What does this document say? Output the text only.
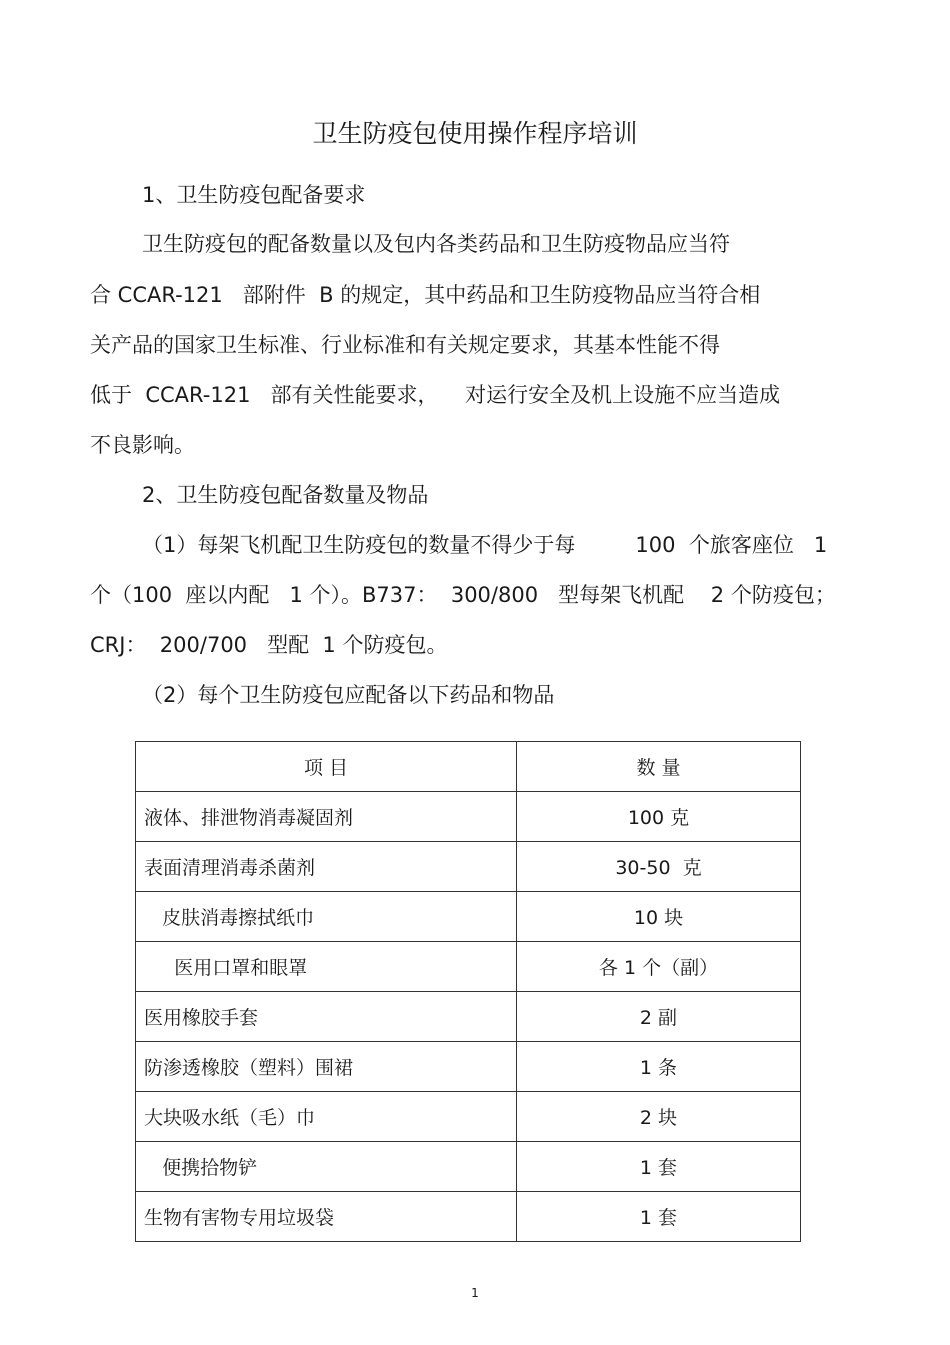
卫生防疫包使用操作程序培训
1、卫生防疫包配备要求
卫生防疫包的配备数量以及包内各类药品和卫生防疫物品应当符
合 CCAR-121   部附件  B 的规定，其中药品和卫生防疫物品应当符合相
关产品的国家卫生标准、行业标准和有关规定要求，其基本性能不得
低于  CCAR-121   部有关性能要求，    对运行安全及机上设施不应当造成
不良影响。
2、卫生防疫包配备数量及物品
（1）每架飞机配卫生防疫包的数量不得少于每         100  个旅客座位   1
个（100  座以内配   1 个）。B737：  300/800   型每架飞机配    2 个防疫包；
CRJ：  200/700   型配  1 个防疫包。
（2）每个卫生防疫包应配备以下药品和物品
项 目	数 量
液体、排泄物消毒凝固剂	100 克
表面清理消毒杀菌剂	30-50  克
皮肤消毒擦拭纸巾	10 块
医用口罩和眼罩	各 1 个（副）
医用橡胶手套	2 副
防渗透橡胶（塑料）围裙	1 条
大块吸水纸（毛）巾	2 块
便携拾物铲	1 套
生物有害物专用垃圾袋	1 套
1
